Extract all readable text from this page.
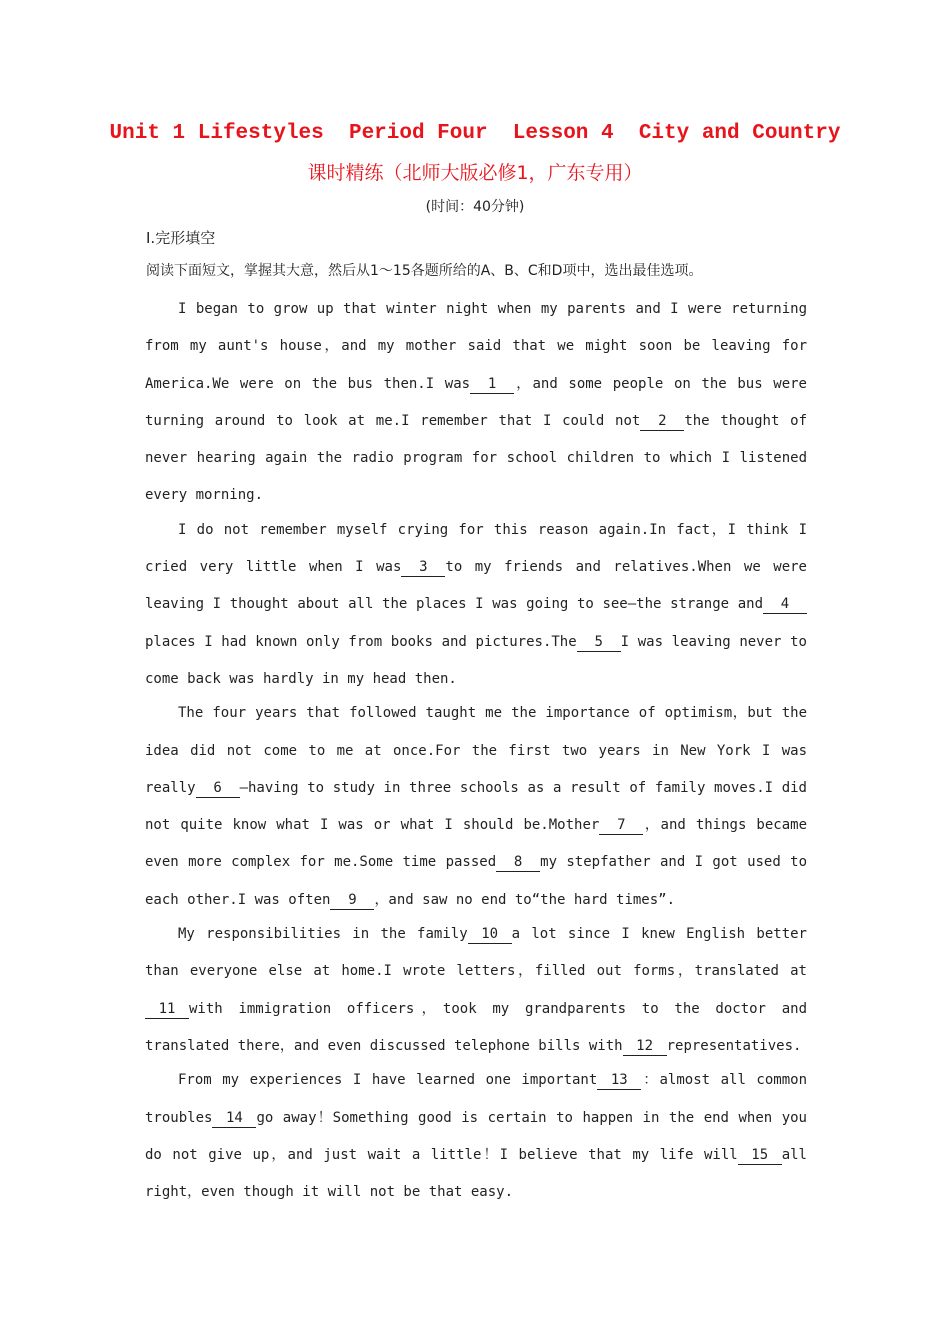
Unit 1 Lifestyles  Period Four  Lesson 4  City and Country
课时精练（北师大版必修1，广东专用）
(时间：40分钟)
Ⅰ.完形填空
阅读下面短文，掌握其大意，然后从1～15各题所给的A、B、C和D项中，选出最佳选项。

I began to grow up that winter night when my parents and I were returning from my aunt's house，and my mother said that we might soon be leaving for America.We were on the bus then.I was 1 ，and some people on the bus were turning around to look at me.I remember that I could not 2 the thought of never hearing again the radio program for school children to which I listened every morning.

I do not remember myself crying for this reason again.In fact，I think I cried very little when I was 3 to my friends and relatives.When we were leaving I thought about all the places I was going to see—the strange and 4places I had known only from books and pictures.The 5 I was leaving never to come back was hardly in my head then.

The four years that followed taught me the importance of optimism，but the idea did not come to me at once.For the first two years in New York I was really 6 —having to study in three schools as a result of family moves.I did not quite know what I was or what I should be.Mother 7 ，and things became even more complex for me.Some time passed 8 my stepfather and I got used to each other.I was often 9 ，and saw no end to“the hard times”.

My responsibilities in the family 10 a lot since I knew English better than everyone else at home.I wrote letters，filled out forms，translated at11 with immigration officers，took my grandparents to the doctor and translated there，and even discussed telephone bills with 12 representatives.

From my experiences I have learned one important 13 ：almost all common troubles 14 go away！Something good is certain to happen in the end when you do not give up，and just wait a little！I believe that my life will 15 all right，even though it will not be that easy.
